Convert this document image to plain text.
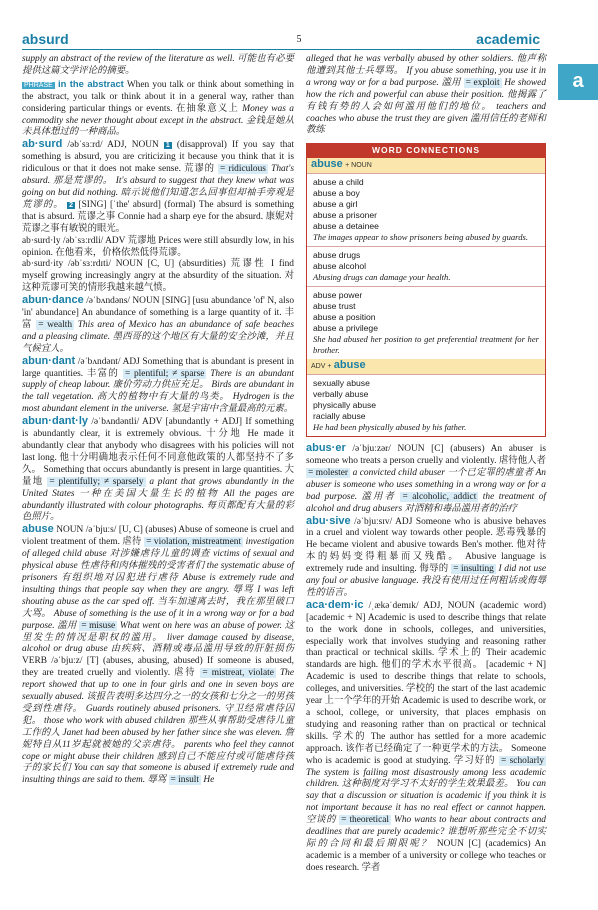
absurd	5	academic
a

supply an abstract of the review of the literature as well. 可能也有必要提供这篇文学评论的摘要。

PHRASE in the abstract When you talk or think about something in the abstract, you talk or think about it in a general way, rather than considering particular things or events. 在抽象意义上 Money was a commodity she never thought about except in the abstract. 金钱是她从未具体想过的一种商品。

ab·surd /əbˈsɜːrd/ ADJ, NOUN 1 (disapproval) If you say that something is absurd, you are criticizing it because you think that it is ridiculous or that it does not make sense. 荒谬的 = ridiculous That's absurd. 那是荒谬的。 It's absurd to suggest that they knew what was going on but did nothing. 暗示说他们知道怎么回事但却袖手旁观是荒谬的。 2 [SING] [ˈthe' absurd] (formal) The absurd is something that is absurd. 荒谬之事 Connie had a sharp eye for the absurd. 康妮对荒谬之事有敏锐的眼光。

ab·surd·ly /əbˈsɜːrdli/ ADV 荒谬地 Prices were still absurdly low, in his opinion. 在他看来，价格依然低得荒谬。

ab·surd·ity /əbˈsɜːrdɪti/ NOUN [C, U] (absurdities) 荒谬性 I find myself growing increasingly angry at the absurdity of the situation. 对这种荒谬可笑的情形我越来越气愤。

abun·dance /əˈbʌndəns/ NOUN [SING] [usu abundance 'of' N, also 'in' abundance] An abundance of something is a large quantity of it. 丰富 = wealth This area of Mexico has an abundance of safe beaches and a pleasing climate. 墨西哥的这个地区有大量的安全沙滩，并且气候宜人。

abun·dant /əˈbʌndənt/ ADJ Something that is abundant is present in large quantities. 丰富的 = plentiful; ≠ sparse There is an abundant supply of cheap labour. 廉价劳动力供应充足。 Birds are abundant in the tall vegetation. 高大的植物中有大量的鸟类。 Hydrogen is the most abundant element in the universe. 氢是宇宙中含量最高的元素。

abun·dant·ly /əˈbʌndəntli/ ADV [abundantly + ADJ] If something is abundantly clear, it is extremely obvious. 十分地 He made it abundantly clear that anybody who disagrees with his policies will not last long. 他十分明确地表示任何不同意他政策的人都坚持不了多久。 Something that occurs abundantly is present in large quantities. 大量地 = plentifully; ≠ sparsely a plant that grows abundantly in the United States 一种在美国大量生长的植物 All the pages are abundantly illustrated with colour photographs. 每页都配有大量的彩色照片。

abuse NOUN /əˈbjuːs/ [U, C] (abuses) Abuse of someone is cruel and violent treatment of them. 虐待 = violation, mistreatment investigation of alleged child abuse 对涉嫌虐待儿童的调查 victims of sexual and physical abuse 性虐待和肉体摧残的受害者们 the systematic abuse of prisoners 有组织地对囚犯进行虐待 Abuse is extremely rude and insulting things that people say when they are angry. 辱骂 I was left shouting abuse as the car sped off. 当车加速离去时，我在那里破口大骂。 Abuse of something is the use of it in a wrong way or for a bad purpose. 滥用 = misuse What went on here was an abuse of power. 这里发生的情况是职权的滥用。 liver damage caused by disease, alcohol or drug abuse 由疾病、酒精或毒品滥用导致的肝脏损伤 VERB /əˈbjuːz/ [T] (abuses, abusing, abused) If someone is abused, they are treated cruelly and violently. 虐待 = mistreat, violate The report showed that up to one in four girls and one in seven boys are sexually abused. 该报告表明多达四分之一的女孩和七分之一的男孩受到性虐待。 Guards routinely abused prisoners. 守卫经常虐待囚犯。 those who work with abused children 那些从事帮助受虐待儿童工作的人 Janet had been abused by her father since she was eleven. 詹妮特自从11岁起就被她的父亲虐待。 parents who feel they cannot cope or might abuse their children 感到自己不能应付或可能虐待孩子的家长们 You can say that someone is abused if extremely rude and insulting things are said to them. 辱骂 = insult He

alleged that he was verbally abused by other soldiers. 他声称他遭到其他士兵辱骂。 If you abuse something, you use it in a wrong way or for a bad purpose. 滥用 = exploit He showed how the rich and powerful can abuse their position. 他揭露了有钱有势的人会如何滥用他们的地位。 teachers and coaches who abuse the trust they are given 滥用信任的老师和教练

WORD CONNECTIONS
abuse + NOUN
abuse a child
abuse a boy
abuse a girl
abuse a prisoner
abuse a detainee
The images appear to show prisoners being abused by guards.
abuse drugs
abuse alcohol
Abusing drugs can damage your health.
abuse power
abuse trust
abuse a position
abuse a privilege
She had abused her position to get preferential treatment for her brother.
ADV + abuse
sexually abuse
verbally abuse
physically abuse
racially abuse
He had been physically abused by his father.

abus·er /əˈbjuːzər/ NOUN [C] (abusers) An abuser is someone who treats a person cruelly and violently. 虐待他人者 = molester a convicted child abuser 一个已定罪的虐童者 An abuser is someone who uses something in a wrong way or for a bad purpose. 滥用者 = alcoholic, addict the treatment of alcohol and drug abusers 对酒精和毒品滥用者的治疗

abu·sive /əˈbjuːsɪv/ ADJ Someone who is abusive behaves in a cruel and violent way towards other people. 恶毒残暴的 He became violent and abusive towards Ben's mother. 他对待本的妈妈变得粗暴而又残酷。 Abusive language is extremely rude and insulting. 侮辱的 = insulting I did not use any foul or abusive language. 我没有使用过任何粗话或侮辱性的语言。

aca·dem·ic /ˌækəˈdemɪk/ ADJ, NOUN (academic word) [academic + N] Academic is used to describe things that relate to the work done in schools, colleges, and universities, especially work that involves studying and reasoning rather than practical or technical skills. 学术上的 Their academic standards are high. 他们的学术水平很高。 [academic + N] Academic is used to describe things that relate to schools, colleges, and universities. 学校的 the start of the last academic year 上一个学年的开始 Academic is used to describe work, or a school, college, or university, that places emphasis on studying and reasoning rather than on practical or technical skills. 学术的 The author has settled for a more academic approach. 该作者已经确定了一种更学术的方法。 Someone who is academic is good at studying. 学习好的 = scholarly The system is failing most disastrously among less academic children. 这种制度对学习不太好的学生效果最差。 You can say that a discussion or situation is academic if you think it is not important because it has no real effect or cannot happen. 空谈的 = theoretical Who wants to hear about contracts and deadlines that are purely academic? 谁想听那些完全不切实际的合同和最后期限呢？ NOUN [C] (academics) An academic is a member of a university or college who teaches or does research. 学者
